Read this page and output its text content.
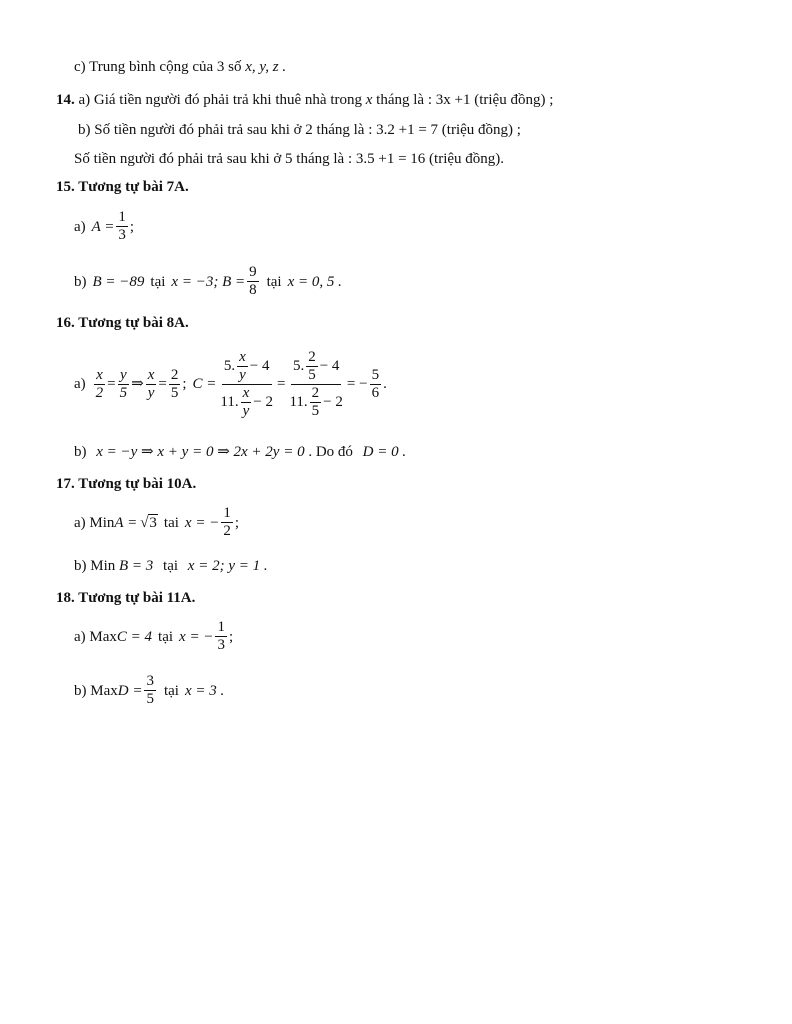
c) Trung bình cộng của 3 số x, y, z .
14. a) Giá tiền người đó phải trả khi thuê nhà trong x tháng là : 3x +1 (triệu đồng) ;
b) Số tiền người đó phải trả sau khi ở 2 tháng là : 3.2 +1 = 7 (triệu đồng) ;
Số tiền người đó phải trả sau khi ở 5 tháng là : 3.5 +1 = 16 (triệu đồng).
15. Tương tự bài 7A.
a) $A = \frac{1}{3}$ ;
b) B = −89 tại x = −3; $B = \frac{9}{8}$ tại x = 0, 5 .
16. Tương tự bài 8A.
$a) \frac{x}{2} = \frac{y}{5}$ ⇒ $\frac{x}{y} = \frac{2}{5}$ ; $C = \frac{5. \frac{x}{y} - 4}{11. \frac{x}{y} - 2} = \frac{5. \frac{2}{5} - 4}{11. \frac{2}{5} - 2}$ = − $\frac{5}{6}$ .
b) x = −y ⇒ x + y = 0 ⇒ 2x + 2y = 0 . Do đó D = 0 .
17. Tương tự bài 10A.
a) Min A = √3 tai x = − $\frac{1}{2}$ ;
b) Min B = 3 tại x = 2; y = 1 .
18. Tương tự bài 11A.
a) Max C = 4 tại x = − $\frac{1}{3}$ ;
b) Max $D = \frac{3}{5}$ tại x = 3 .
